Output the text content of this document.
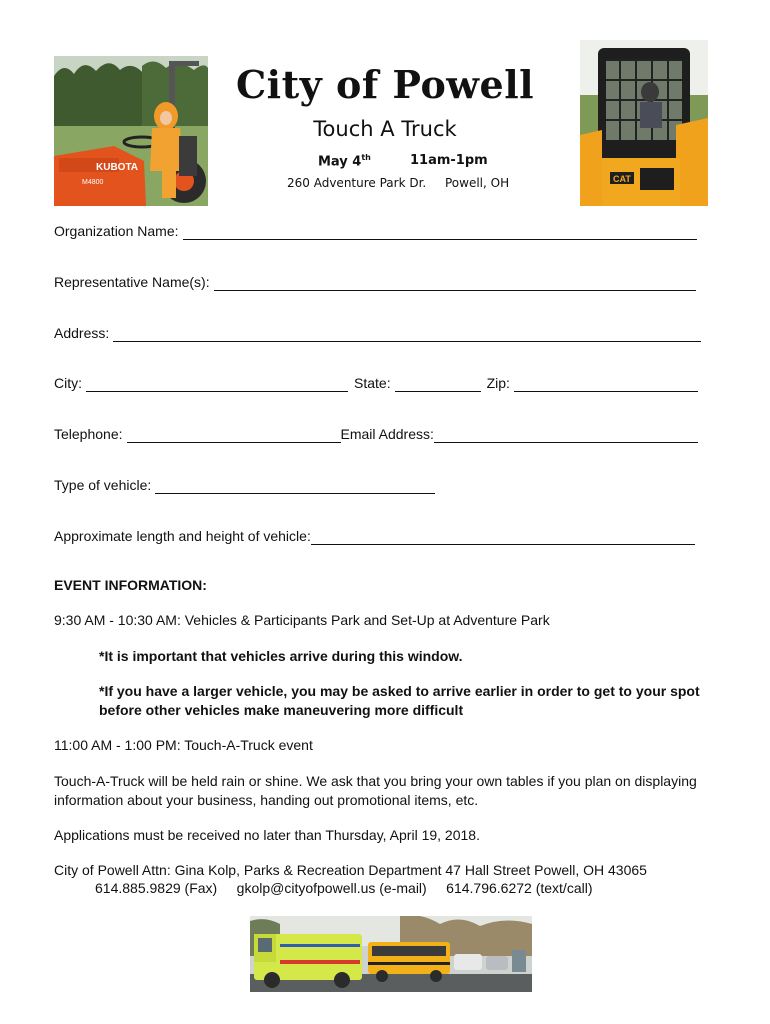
KUBOTA
M4800	CAT
City of Powell
Touch A Truck
May 4th	11am-1pm
260 Adventure Park Dr. Powell, OH
Organization Name:
Representative Name(s):
Address:
City:	State:	Zip:
Telephone:	Email Address:
Type of vehicle:
Approximate length and height of vehicle:
EVENT INFORMATION:
9:30 AM - 10:30 AM: Vehicles & Participants Park and Set-Up at Adventure Park
*It is important that vehicles arrive during this window.
*If you have a larger vehicle, you may be asked to arrive earlier in order to get to your spot before other vehicles make maneuvering more difficult
11:00 AM - 1:00 PM: Touch-A-Truck event
Touch-A-Truck will be held rain or shine. We ask that you bring your own tables if you plan on displaying information about your business, handing out promotional items, etc.
Applications must be received no later than Thursday, April 19, 2018.
City of Powell Attn: Gina Kolp, Parks & Recreation Department 47 Hall Street Powell, OH 43065
614.885.9829 (Fax) gkolp@cityofpowell.us (e-mail) 614.796.6272 (text/call)
